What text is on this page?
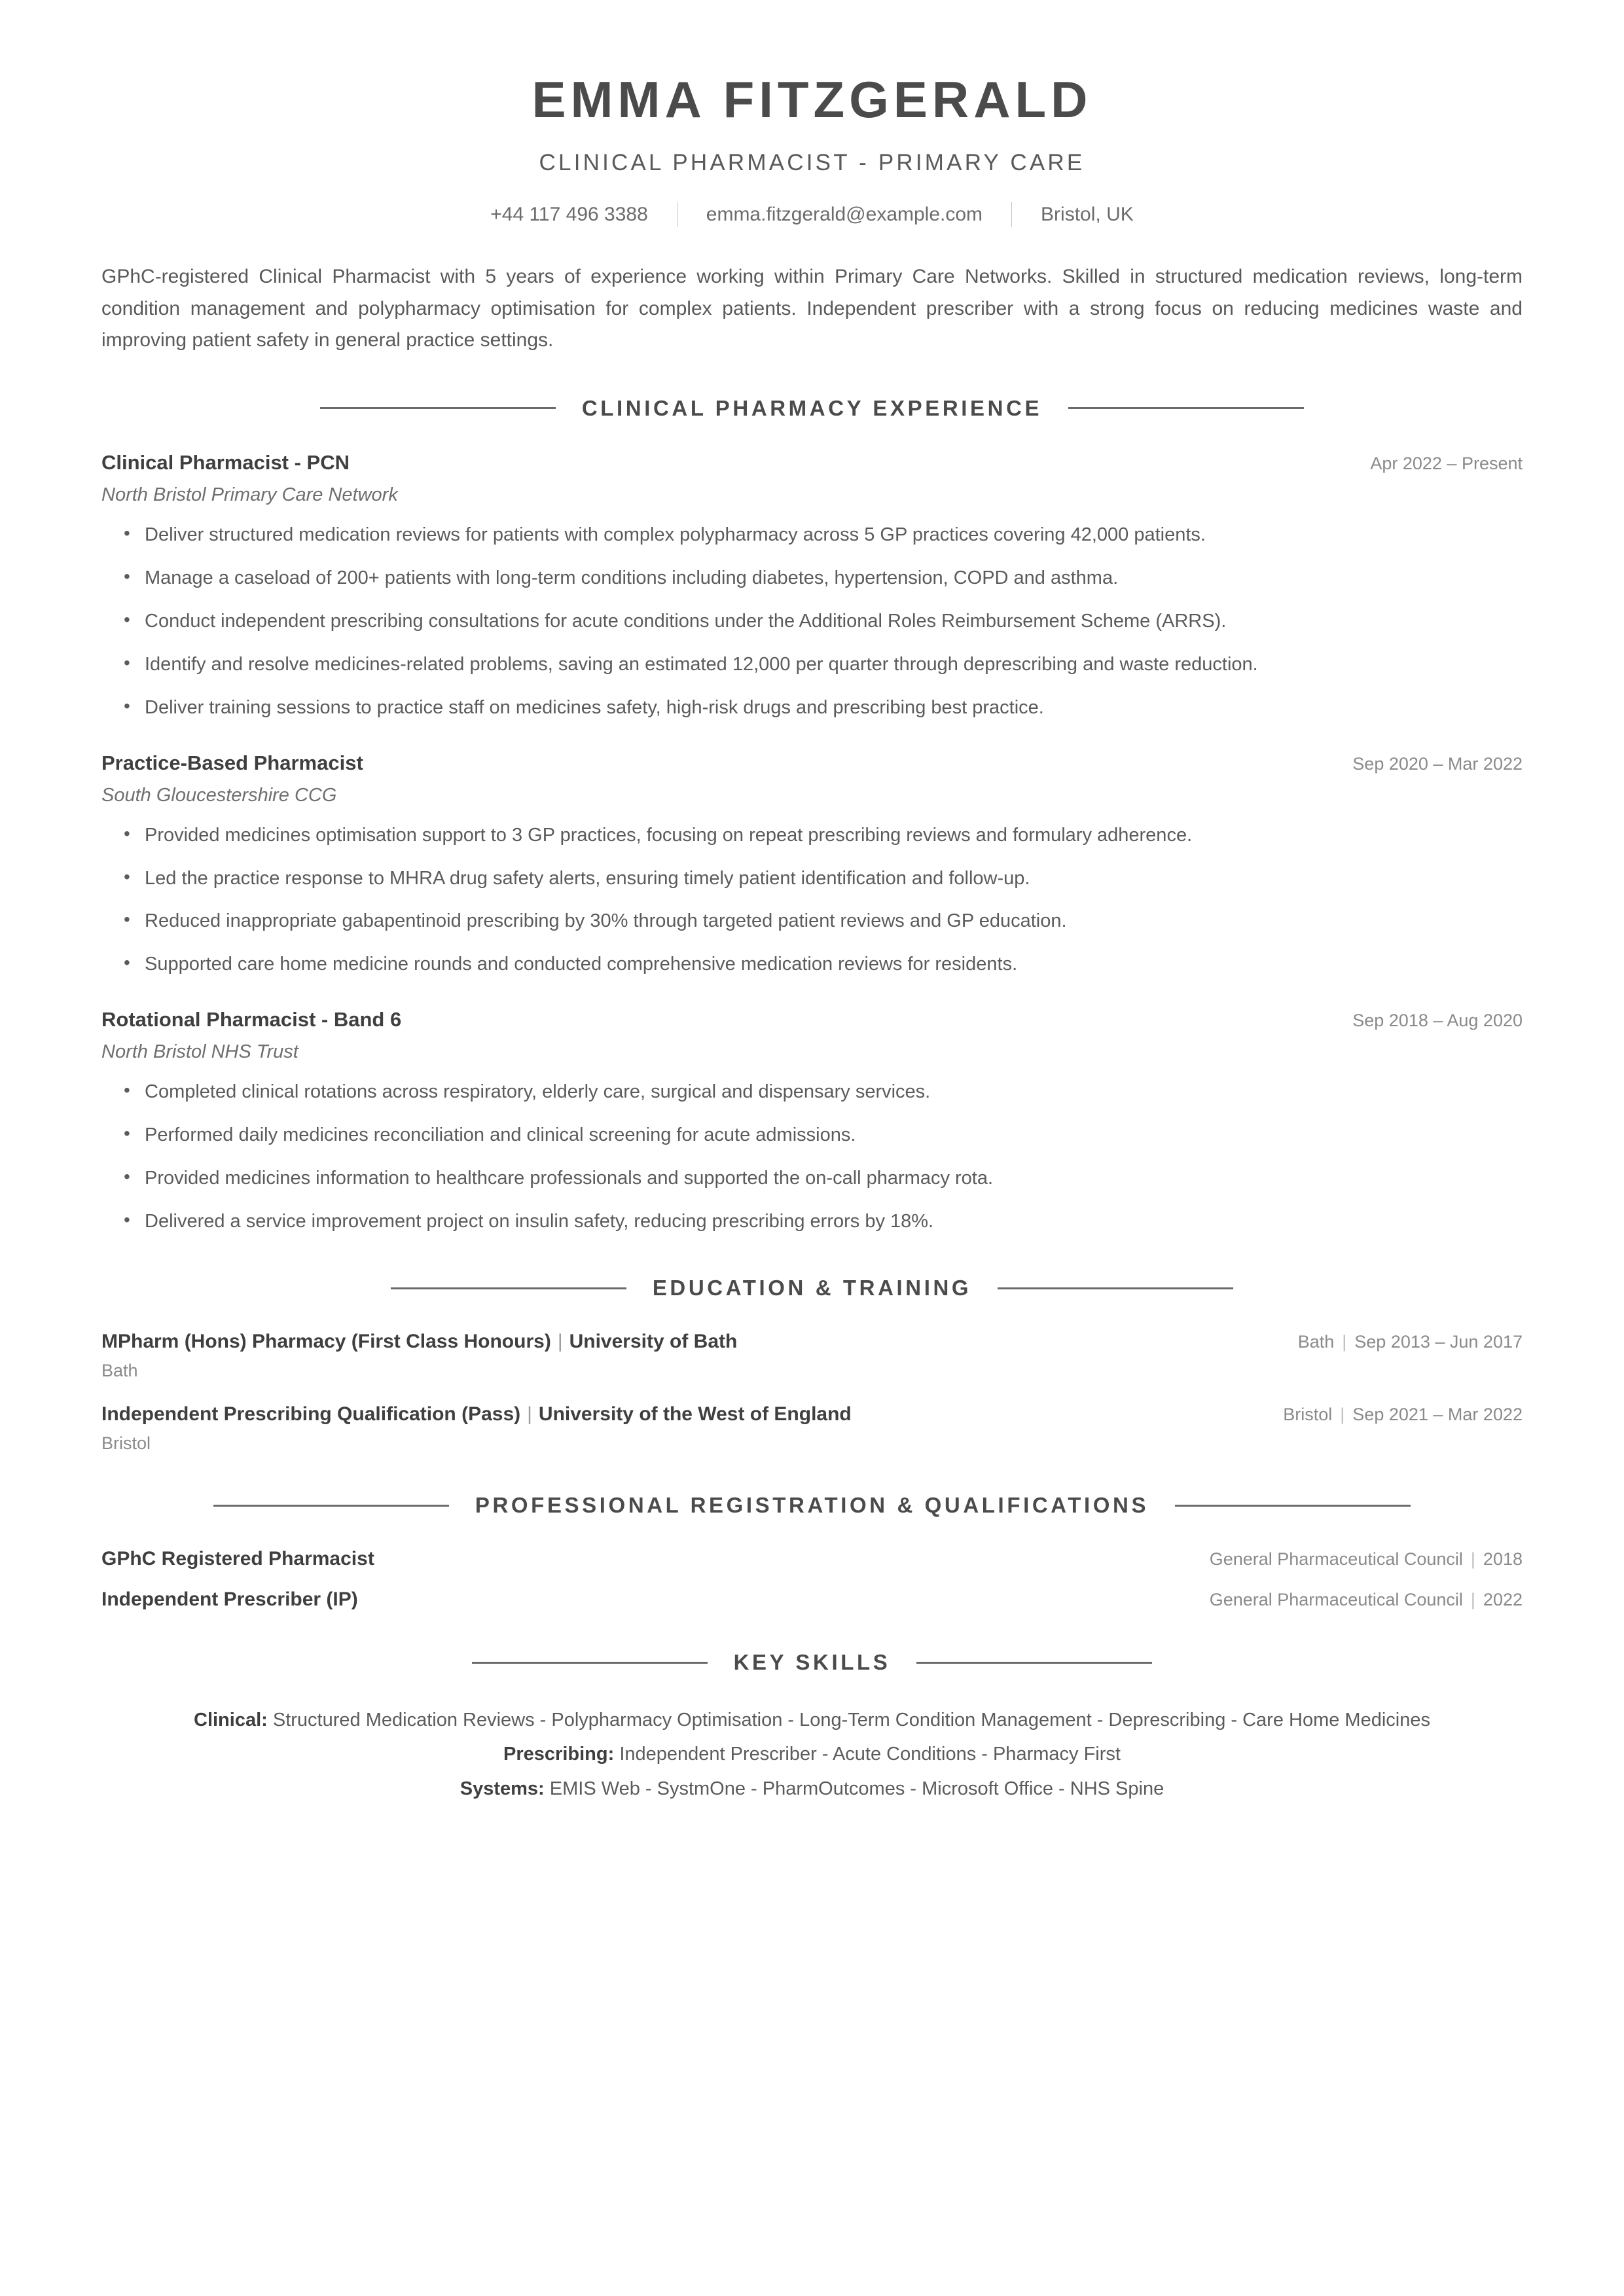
EMMA FITZGERALD
CLINICAL PHARMACIST - PRIMARY CARE
+44 117 496 3388	emma.fitzgerald@example.com	Bristol, UK
GPhC-registered Clinical Pharmacist with 5 years of experience working within Primary Care Networks. Skilled in structured medication reviews, long-term condition management and polypharmacy optimisation for complex patients. Independent prescriber with a strong focus on reducing medicines waste and improving patient safety in general practice settings.
CLINICAL PHARMACY EXPERIENCE
Clinical Pharmacist - PCN	Apr 2022 – Present
North Bristol Primary Care Network
• Deliver structured medication reviews for patients with complex polypharmacy across 5 GP practices covering 42,000 patients.
• Manage a caseload of 200+ patients with long-term conditions including diabetes, hypertension, COPD and asthma.
• Conduct independent prescribing consultations for acute conditions under the Additional Roles Reimbursement Scheme (ARRS).
• Identify and resolve medicines-related problems, saving an estimated 12,000 per quarter through deprescribing and waste reduction.
• Deliver training sessions to practice staff on medicines safety, high-risk drugs and prescribing best practice.
Practice-Based Pharmacist	Sep 2020 – Mar 2022
South Gloucestershire CCG
• Provided medicines optimisation support to 3 GP practices, focusing on repeat prescribing reviews and formulary adherence.
• Led the practice response to MHRA drug safety alerts, ensuring timely patient identification and follow-up.
• Reduced inappropriate gabapentinoid prescribing by 30% through targeted patient reviews and GP education.
• Supported care home medicine rounds and conducted comprehensive medication reviews for residents.
Rotational Pharmacist - Band 6	Sep 2018 – Aug 2020
North Bristol NHS Trust
• Completed clinical rotations across respiratory, elderly care, surgical and dispensary services.
• Performed daily medicines reconciliation and clinical screening for acute admissions.
• Provided medicines information to healthcare professionals and supported the on-call pharmacy rota.
• Delivered a service improvement project on insulin safety, reducing prescribing errors by 18%.
EDUCATION & TRAINING
MPharm (Hons) Pharmacy (First Class Honours) | University of Bath	Bath | Sep 2013 – Jun 2017
Bath
Independent Prescribing Qualification (Pass) | University of the West of England	Bristol | Sep 2021 – Mar 2022
Bristol
PROFESSIONAL REGISTRATION & QUALIFICATIONS
GPhC Registered Pharmacist	General Pharmaceutical Council | 2018
Independent Prescriber (IP)	General Pharmaceutical Council | 2022
KEY SKILLS
Clinical: Structured Medication Reviews - Polypharmacy Optimisation - Long-Term Condition Management - Deprescribing - Care Home Medicines
Prescribing: Independent Prescriber - Acute Conditions - Pharmacy First
Systems: EMIS Web - SystmOne - PharmOutcomes - Microsoft Office - NHS Spine
